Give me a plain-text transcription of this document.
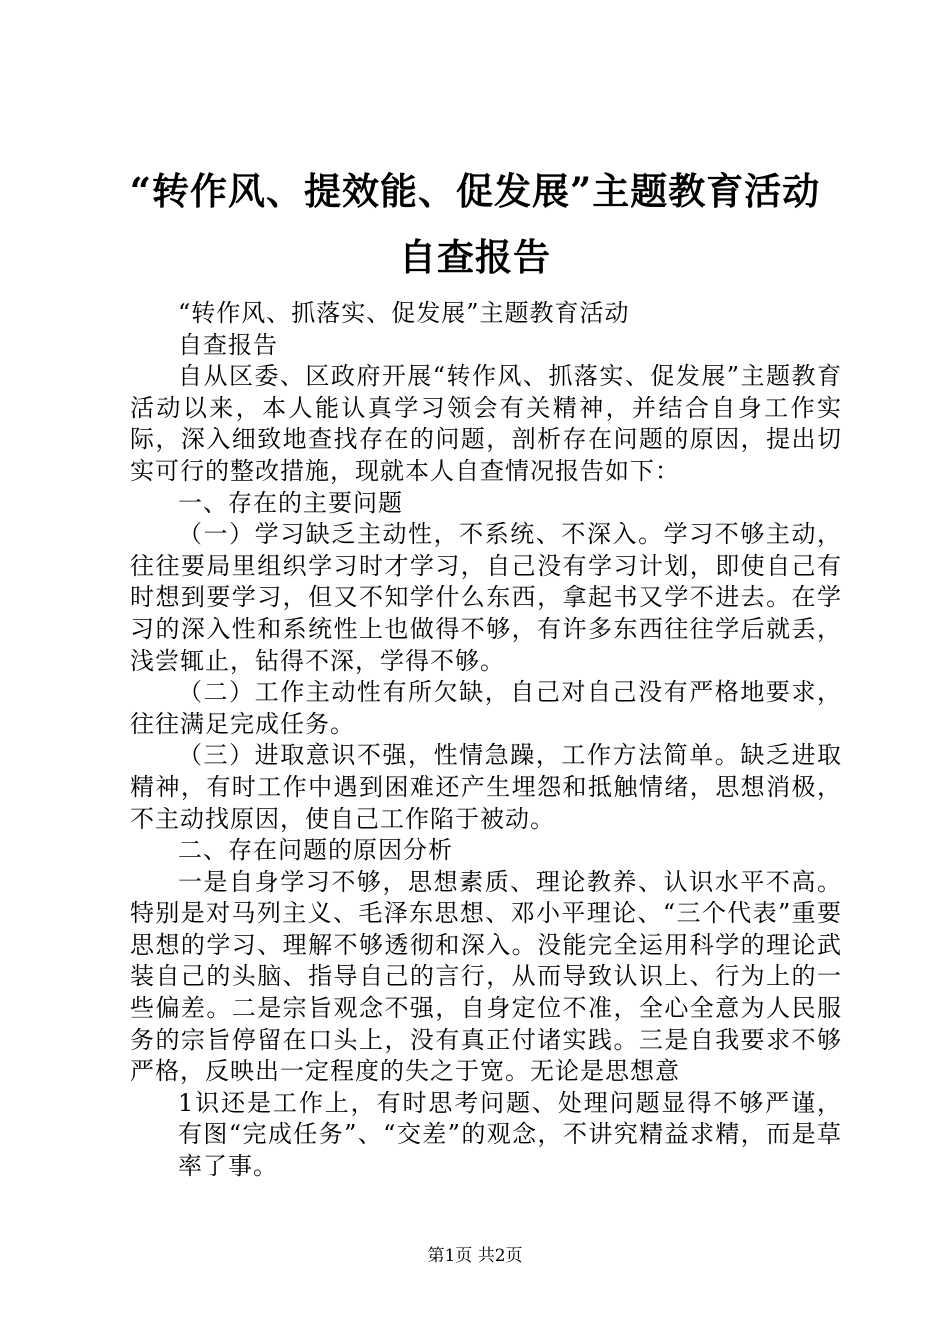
“转作风、提效能、促发展”主题教育活动自查报告

“转作风、抓落实、促发展”主题教育活动

自查报告

自从区委、区政府开展“转作风、抓落实、促发展”主题教育活动以来，本人能认真学习领会有关精神，并结合自身工作实际，深入细致地查找存在的问题，剖析存在问题的原因，提出切实可行的整改措施，现就本人自查情况报告如下：

一、存在的主要问题

（一）学习缺乏主动性，不系统、不深入。学习不够主动，往往要局里组织学习时才学习，自己没有学习计划，即使自己有时想到要学习，但又不知学什么东西，拿起书又学不进去。在学习的深入性和系统性上也做得不够，有许多东西往往学后就丢，浅尝辄止，钻得不深，学得不够。

（二）工作主动性有所欠缺，自己对自己没有严格地要求，往往满足完成任务。

（三）进取意识不强，性情急躁，工作方法简单。缺乏进取精神，有时工作中遇到困难还产生埋怨和抵触情绪，思想消极，不主动找原因，使自己工作陷于被动。

二、存在问题的原因分析

一是自身学习不够，思想素质、理论教养、认识水平不高。特别是对马列主义、毛泽东思想、邓小平理论、“三个代表”重要思想的学习、理解不够透彻和深入。没能完全运用科学的理论武装自己的头脑、指导自己的言行，从而导致认识上、行为上的一些偏差。二是宗旨观念不强，自身定位不准，全心全意为人民服务的宗旨停留在口头上，没有真正付诸实践。三是自我要求不够严格，反映出一定程度的失之于宽。无论是思想意

1识还是工作上，有时思考问题、处理问题显得不够严谨，有图“完成任务”、“交差”的观念，不讲究精益求精，而是草率了事。

第1页 共2页
